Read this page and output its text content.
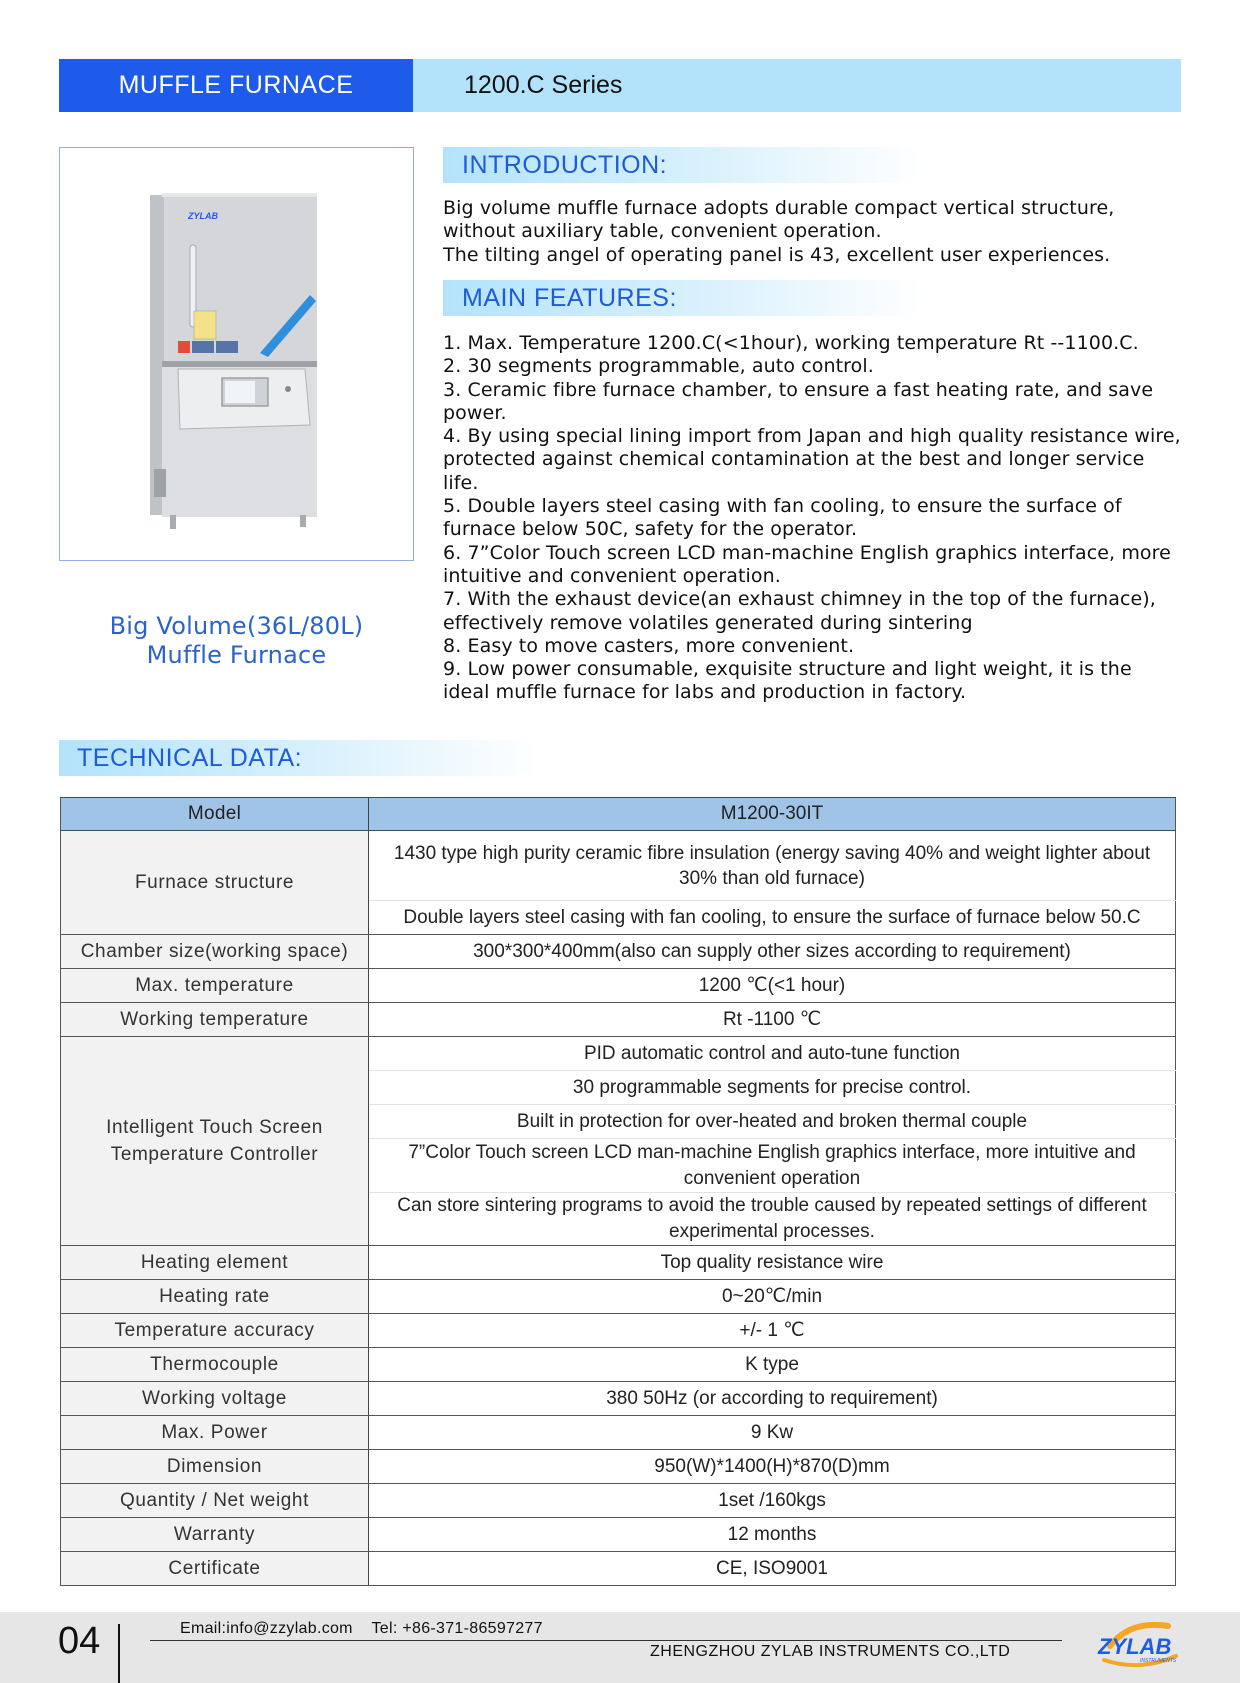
MUFFLE FURNACE	1200.C Series
ZYLAB
Big Volume(36L/80L)
Muffle Furnace
INTRODUCTION:

Big volume muffle furnace adopts durable compact vertical structure,

without auxiliary table, convenient operation.

The tilting angel of operating panel is 43, excellent user experiences.

MAIN FEATURES:

1. Max. Temperature 1200.C(<1hour), working temperature Rt --1100.C.

2. 30 segments programmable, auto control.

3. Ceramic fibre furnace chamber, to ensure a fast heating rate, and save power.

4. By using special lining import from Japan and high quality resistance wire, protected against chemical contamination at the best and longer service life.

5. Double layers steel casing with fan cooling, to ensure the surface of furnace below 50C, safety for the operator.

6. 7”Color Touch screen LCD man-machine English graphics interface, more intuitive and convenient operation.

7. With the exhaust device(an exhaust chimney in the top of the furnace), effectively remove volatiles generated during sintering

8. Easy to move casters, more convenient.

9. Low power consumable, exquisite structure and light weight, it is the ideal muffle furnace for labs and production in factory.

TECHNICAL DATA:
Model	M1200-30IT
Furnace structure	1430 type high purity ceramic fibre insulation (energy saving 40% and weight lighter about 30% than old furnace)
	Double layers steel casing with fan cooling, to ensure the surface of furnace below 50.C
Chamber size(working space)	300*300*400mm(also can supply other sizes according to requirement)
Max. temperature	1200 ℃(<1 hour)
Working temperature	Rt -1100 ℃

Intelligent Touch Screen
Temperature Controller	PID automatic control and auto-tune function
	30 programmable segments for precise control.
	Built in protection for over-heated and broken thermal couple
	7”Color Touch screen LCD man-machine English graphics interface, more intuitive and convenient operation
	Can store sintering programs to avoid the trouble caused by repeated settings of different experimental processes.
Heating element	Top quality resistance wire
Heating rate	0~20℃/min
Temperature accuracy	+/- 1 ℃
Thermocouple	K type
Working voltage	380 50Hz (or according to requirement)
Max. Power	9 Kw
Dimension	950(W)*1400(H)*870(D)mm
Quantity / Net weight	1set /160kgs
Warranty	12 months
Certificate	CE, ISO9001
04	Email:info@zzylab.com    Tel: +86-371-86597277
ZHENGZHOU ZYLAB INSTRUMENTS CO.,LTD	ZYLAB
INSTRUMENTS
